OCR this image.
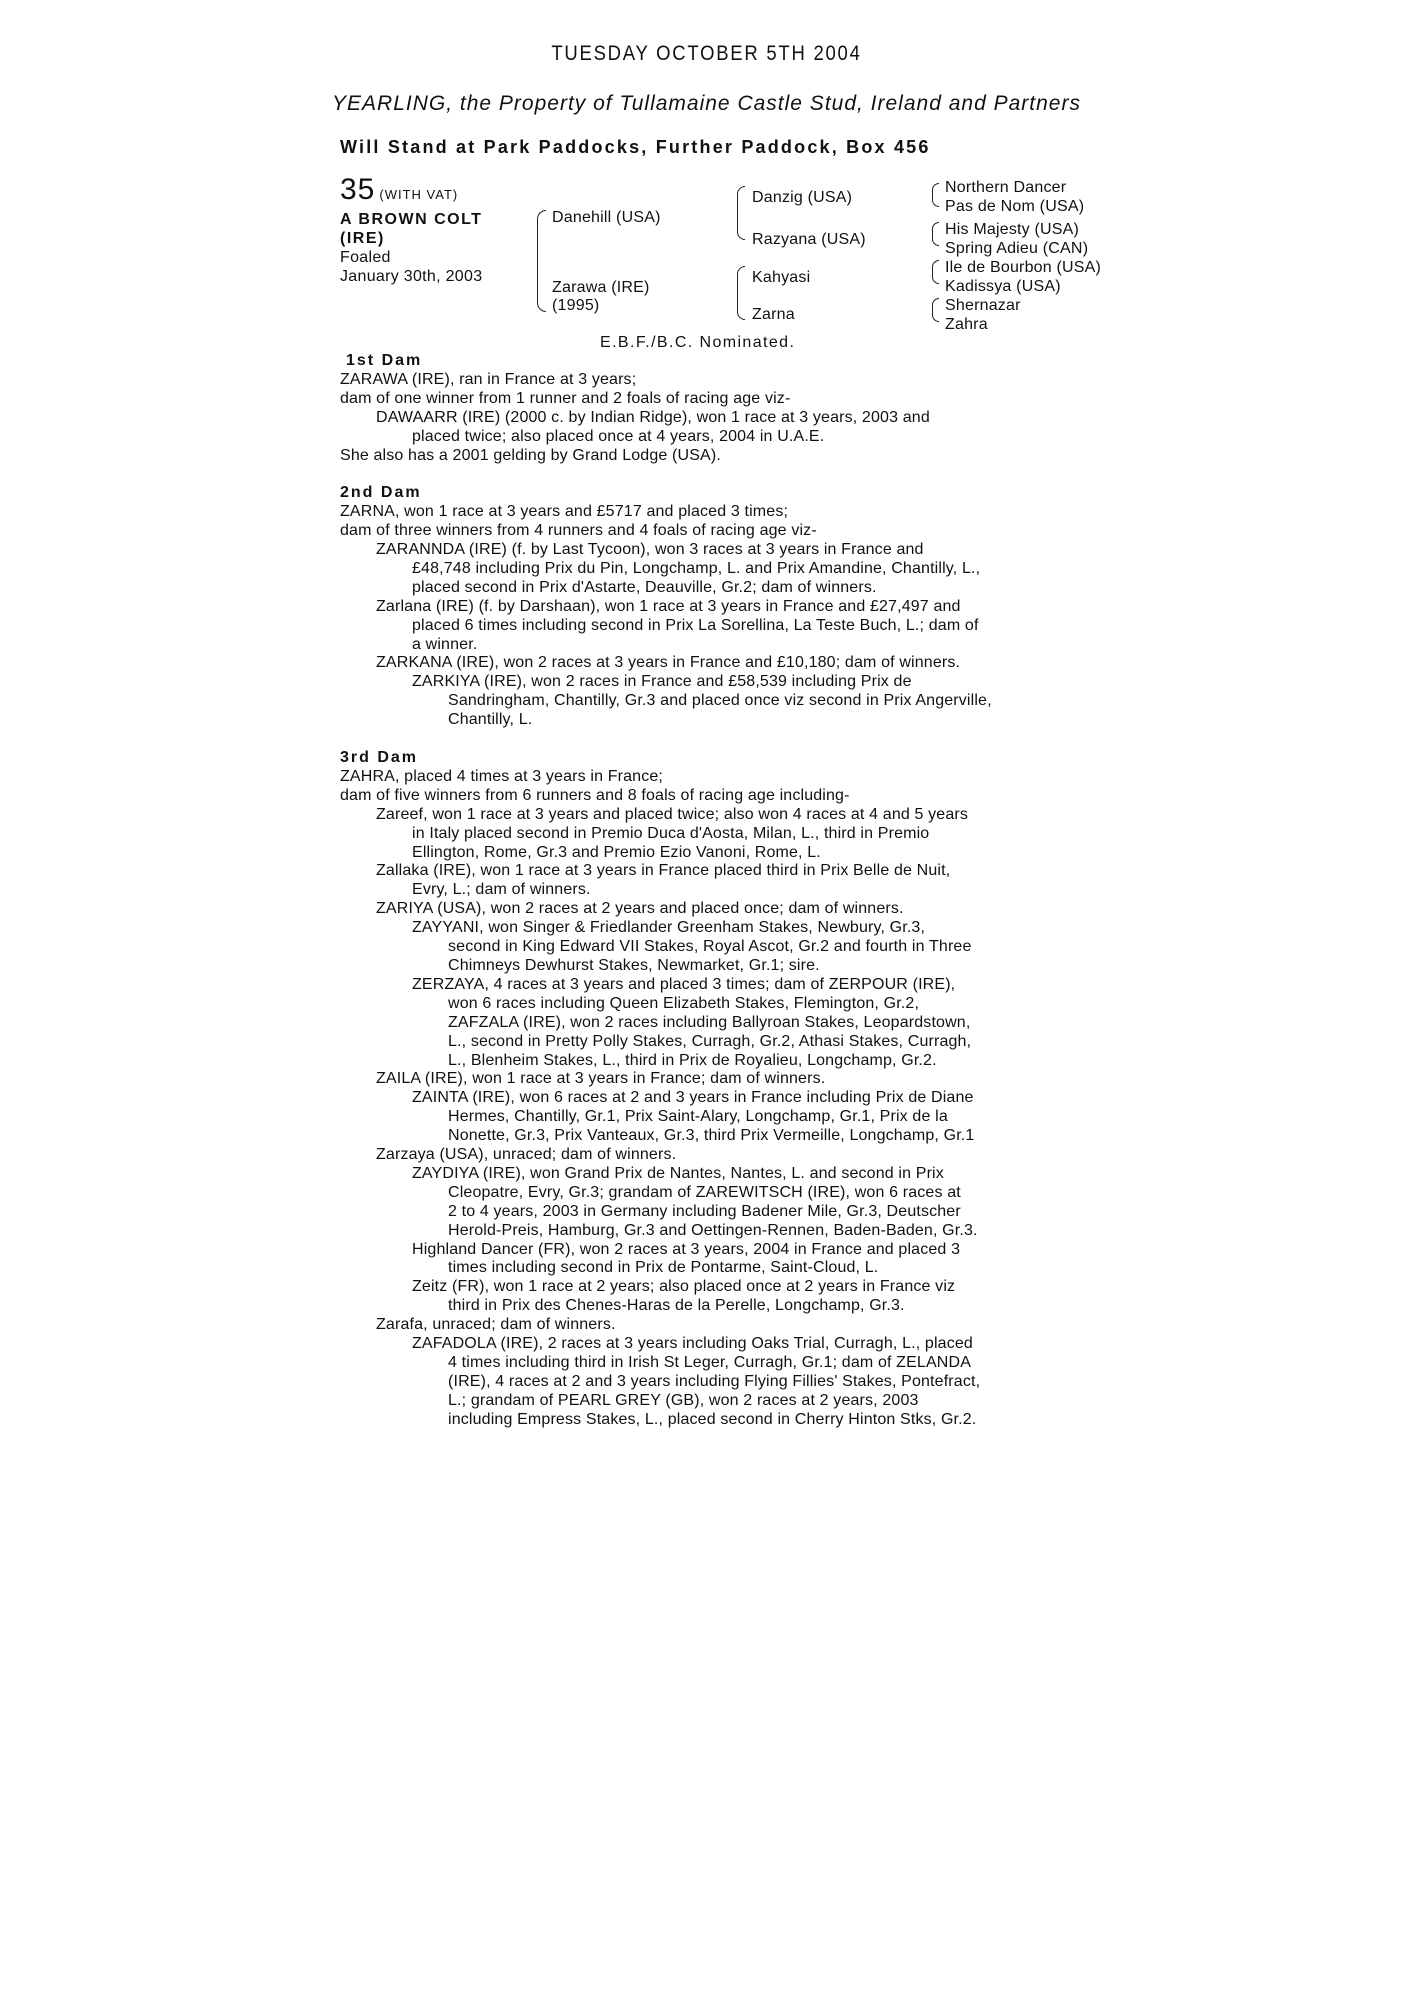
TUESDAY OCTOBER 5TH 2004
YEARLING, the Property of Tullamaine Castle Stud, Ireland and Partners
Will Stand at Park Paddocks, Further Paddock, Box 456
35 (WITH VAT)
A BROWN COLT
(IRE)
Foaled
January 30th, 2003
Danehill (USA)
Zarawa (IRE)
(1995)
Danzig (USA)
Razyana (USA)
Kahyasi
Zarna
Northern Dancer
Pas de Nom (USA)
His Majesty (USA)
Spring Adieu (CAN)
Ile de Bourbon (USA)
Kadissya (USA)
Shernazar
Zahra
E.B.F./B.C. Nominated.
1st Dam
ZARAWA (IRE), ran in France at 3 years;
dam of one winner from 1 runner and 2 foals of racing age viz-
DAWAARR (IRE) (2000 c. by Indian Ridge), won 1 race at 3 years, 2003 and
placed twice; also placed once at 4 years, 2004 in U.A.E.
She also has a 2001 gelding by Grand Lodge (USA).
2nd Dam
ZARNA, won 1 race at 3 years and £5717 and placed 3 times;
dam of three winners from 4 runners and 4 foals of racing age viz-
ZARANNDA (IRE) (f. by Last Tycoon), won 3 races at 3 years in France and
£48,748 including Prix du Pin, Longchamp, L. and Prix Amandine, Chantilly, L.,
placed second in Prix d'Astarte, Deauville, Gr.2; dam of winners.
Zarlana (IRE) (f. by Darshaan), won 1 race at 3 years in France and £27,497 and
placed 6 times including second in Prix La Sorellina, La Teste Buch, L.; dam of
a winner.
ZARKANA (IRE), won 2 races at 3 years in France and £10,180; dam of winners.
ZARKIYA (IRE), won 2 races in France and £58,539 including Prix de
Sandringham, Chantilly, Gr.3 and placed once viz second in Prix Angerville,
Chantilly, L.
3rd Dam
ZAHRA, placed 4 times at 3 years in France;
dam of five winners from 6 runners and 8 foals of racing age including-
Zareef, won 1 race at 3 years and placed twice; also won 4 races at 4 and 5 years
in Italy placed second in Premio Duca d'Aosta, Milan, L., third in Premio
Ellington, Rome, Gr.3 and Premio Ezio Vanoni, Rome, L.
Zallaka (IRE), won 1 race at 3 years in France placed third in Prix Belle de Nuit,
Evry, L.; dam of winners.
ZARIYA (USA), won 2 races at 2 years and placed once; dam of winners.
ZAYYANI, won Singer & Friedlander Greenham Stakes, Newbury, Gr.3,
second in King Edward VII Stakes, Royal Ascot, Gr.2 and fourth in Three
Chimneys Dewhurst Stakes, Newmarket, Gr.1; sire.
ZERZAYA, 4 races at 3 years and placed 3 times; dam of ZERPOUR (IRE),
won 6 races including Queen Elizabeth Stakes, Flemington, Gr.2,
ZAFZALA (IRE), won 2 races including Ballyroan Stakes, Leopardstown,
L., second in Pretty Polly Stakes, Curragh, Gr.2, Athasi Stakes, Curragh,
L., Blenheim Stakes, L., third in Prix de Royalieu, Longchamp, Gr.2.
ZAILA (IRE), won 1 race at 3 years in France; dam of winners.
ZAINTA (IRE), won 6 races at 2 and 3 years in France including Prix de Diane
Hermes, Chantilly, Gr.1, Prix Saint-Alary, Longchamp, Gr.1, Prix de la
Nonette, Gr.3, Prix Vanteaux, Gr.3, third Prix Vermeille, Longchamp, Gr.1
Zarzaya (USA), unraced; dam of winners.
ZAYDIYA (IRE), won Grand Prix de Nantes, Nantes, L. and second in Prix
Cleopatre, Evry, Gr.3; grandam of ZAREWITSCH (IRE), won 6 races at
2 to 4 years, 2003 in Germany including Badener Mile, Gr.3, Deutscher
Herold-Preis, Hamburg, Gr.3 and Oettingen-Rennen, Baden-Baden, Gr.3.
Highland Dancer (FR), won 2 races at 3 years, 2004 in France and placed 3
times including second in Prix de Pontarme, Saint-Cloud, L.
Zeitz (FR), won 1 race at 2 years; also placed once at 2 years in France viz
third in Prix des Chenes-Haras de la Perelle, Longchamp, Gr.3.
Zarafa, unraced; dam of winners.
ZAFADOLA (IRE), 2 races at 3 years including Oaks Trial, Curragh, L., placed
4 times including third in Irish St Leger, Curragh, Gr.1; dam of ZELANDA
(IRE), 4 races at 2 and 3 years including Flying Fillies' Stakes, Pontefract,
L.; grandam of PEARL GREY (GB), won 2 races at 2 years, 2003
including Empress Stakes, L., placed second in Cherry Hinton Stks, Gr.2.
